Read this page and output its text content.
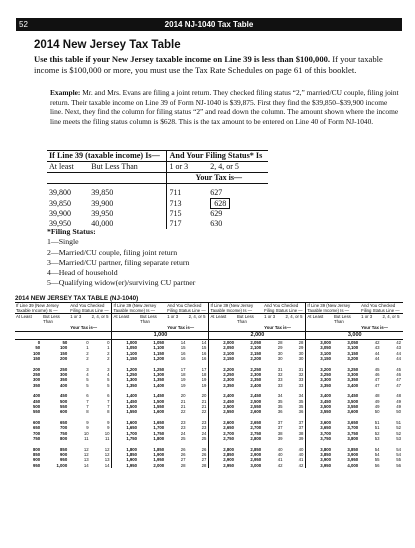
52	2014 NJ-1040 Tax Table
2014 New Jersey Tax Table
Use this table if your New Jersey taxable income on Line 39 is less than $100,000. If your taxable income is $100,000 or more, you must use the Tax Rate Schedules on page 61 of this booklet.
Example: Mr. and Mrs. Evans are filing a joint return. They checked filing status “2,” married/CU couple, filing joint return. Their taxable income on Line 39 of Form NJ-1040 is $39,875. First they find the $39,850–$39,900 income line. Next, they find the column for filing status “2” and read down the column. The amount shown where the income line meets the filing status column is $628. This is the tax amount to be entered on Line 40 of Form NJ-1040.
If Line 39 (taxable income) Is—		And Your Filing Status* Is	
At least	But Less Than	1 or 3	2, 4, or 5
		Your Tax is—	

39,800	39,850	711	627
39,850	39,900	713	628
39,900	39,950	715	629
39,950	40,000	717	630
*Filing Status:
1—Single
2—Married/CU couple, filing joint return
3—Married/CU partner, filing separate return
4—Head of household
5—Qualifying widow(er)/surviving CU partner
2014 NEW JERSEY TAX TABLE (NJ-1040)
If Line 39 (New Jersey Taxable Income) Is —		And You Checked Filing Status Line —		If Line 39 (New Jersey Taxable Income) Is —		And You Checked Filing Status Line —		If Line 39 (New Jersey Taxable Income) Is —		And You Checked Filing Status Line —		If Line 39 (New Jersey Taxable Income) Is —		And You Checked Filing Status Line —	
At Least	But Less Than	1 or 3	2, 4, or 5	At Least	But Less Than	1 or 3	2, 4, or 5	At Least	But Less Than	1 or 3	2, 4, or 5	At Least	But Less Than	1 or 3	2, 4, or 5
		Your Tax is—				Your Tax is—				Your Tax is—				Your Tax is—	
				1,000				2,000				3,000			
0	50	0	0	1,000	1,050	14	14	2,000	2,050	28	28	3,000	3,050	42	42
50	100	1	1	1,050	1,100	15	15	2,050	2,100	29	29	3,050	3,100	43	43
100	150	2	2	1,100	1,150	16	16	2,100	2,150	30	30	3,100	3,150	44	44
150	200	2	2	1,150	1,200	16	16	2,150	2,200	30	30	3,150	3,200	44	44

200	250	3	3	1,200	1,250	17	17	2,200	2,250	31	31	3,200	3,250	45	45
250	300	4	4	1,250	1,300	18	18	2,250	2,300	32	32	3,250	3,300	46	46
300	350	5	5	1,300	1,350	19	19	2,300	2,350	33	33	3,300	3,350	47	47
350	400	5	5	1,350	1,400	19	19	2,350	2,400	33	33	3,350	3,400	47	47

400	450	6	6	1,400	1,450	20	20	2,400	2,450	34	34	3,400	3,450	48	48
450	500	7	7	1,450	1,500	21	21	2,450	2,500	35	35	3,450	3,500	49	49
500	550	7	7	1,500	1,550	21	21	2,500	2,550	35	35	3,500	3,550	49	49
550	600	8	8	1,550	1,600	22	22	2,550	2,600	36	36	3,550	3,600	50	50

600	650	9	9	1,600	1,650	23	23	2,600	2,650	37	37	3,600	3,650	51	51
650	700	9	9	1,650	1,700	23	23	2,650	2,700	37	37	3,650	3,700	51	52
700	750	10	10	1,700	1,750	24	24	2,700	2,750	38	38	3,700	3,750	52	52
750	800	11	11	1,750	1,800	25	25	2,750	2,800	39	39	3,750	3,800	53	53

800	850	12	12	1,800	1,850	26	26	2,800	2,850	40	40	3,800	3,850	54	54
850	900	12	12	1,850	1,900	26	26	2,850	2,900	40	40	3,850	3,900	54	54
900	950	13	13	1,900	1,950	27	27	2,900	2,950	41	41	3,900	3,950	55	55
950	1,000	14	14	1,950	2,000	28	28	2,950	3,000	42	42	3,950	4,000	56	56
